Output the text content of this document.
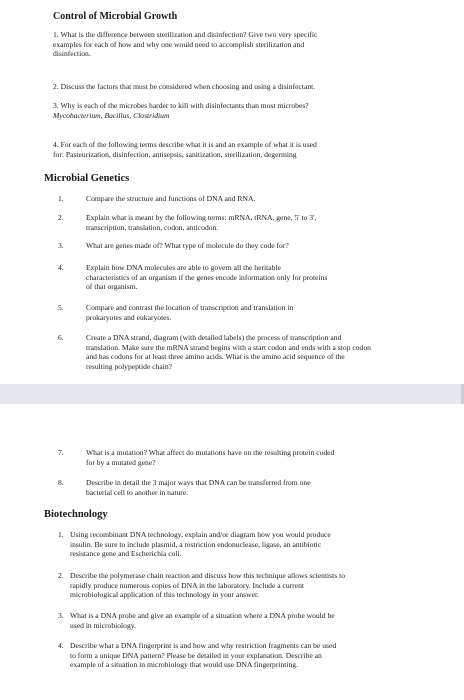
Control of Microbial Growth
1. What is the difference between sterilization and disinfection? Give two very specific
examples for each of how and why one would need to accomplish sterilization and
disinfection.
2. Discuss the factors that must be considered when choosing and using a disinfectant.
3. Why is each of the microbes harder to kill with disinfectants than most microbes?
Mycobacterium, Bacillus, Clostridium
4. For each of the following terms describe what it is and an example of what it is used
for: Pasteurization, disinfection, antisepsis, sanitization, sterilization, degerming
Microbial Genetics
1.	Compare the structure and functions of DNA and RNA.
2.	Explain what is meant by the following terms: mRNA, tRNA, gene, 5' to 3',
transcription, translation, codon, anticodon.
3.	What are genes made of? What type of molecule do they code for?
4.	Explain how DNA molecules are able to govern all the heritable
characteristics of an organism if the genes encode information only for proteins
of that organism.
5.	Compare and contrast the location of transcription and translation in
prokaryotes and eukaryotes.
6.	Create a DNA strand, diagram (with detailed labels) the process of transcription and
translation. Make sure the mRNA strand begins with a start codon and ends with a stop codon
and has codons for at least three amino acids. What is the amino acid sequence of the
resulting polypeptide chain?
7.	What is a mutation? What affect do mutations have on the resulting protein coded
for by a mutated gene?
8.	Describe in detail the 3 major ways that DNA can be transferred from one
bacterial cell to another in nature.
Biotechnology
1. Using recombinant DNA technology, explain and/or diagram how you would produce
insulin. Be sure to include plasmid, a restriction endonuclease, ligase, an antibiotic
resistance gene and Escherichia coli.
2. Describe the polymerase chain reaction and discuss how this technique allows scientists to
rapidly produce numerous copies of DNA in the laboratory. Include a current
microbiological application of this technology in your answer.
3. What is a DNA probe and give an example of a situation where a DNA probe would be
used in microbiology.
4. Describe what a DNA fingerprint is and how and why restriction fragments can be used
to form a unique DNA pattern? Please be detailed in your explanation. Describe an
example of a situation in microbiology that would use DNA fingerprinting.
